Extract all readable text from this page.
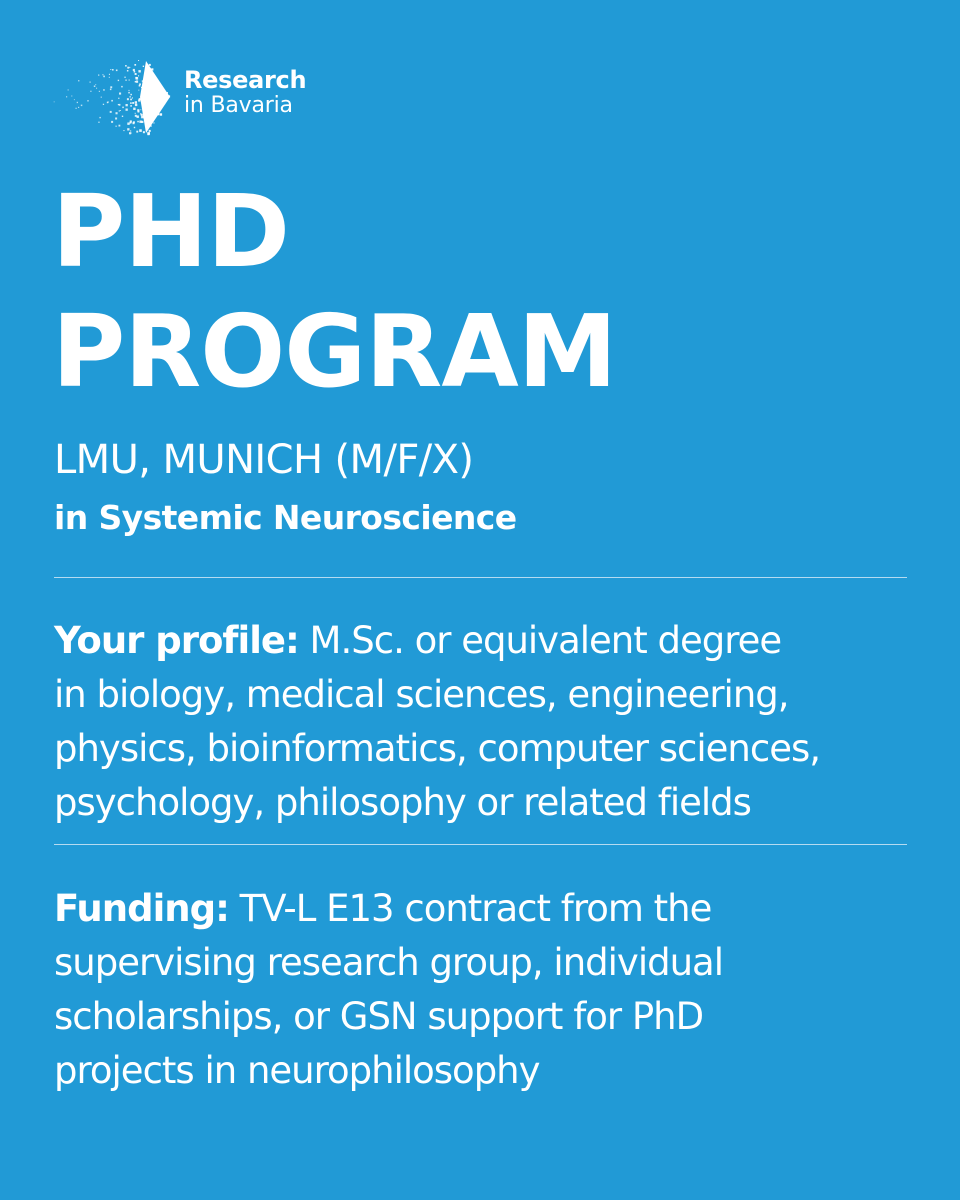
Research
in Bavaria
PHD
PROGRAM
LMU, MUNICH (M/F/X)
in Systemic Neuroscience

Your profile: M.Sc. or equivalent degree
in biology, medical sciences, engineering,
physics, bioinformatics, computer sciences,
psychology, philosophy or related fields

Funding: TV-L E13 contract from the
supervising research group, individual
scholarships, or GSN support for PhD
projects in neurophilosophy
